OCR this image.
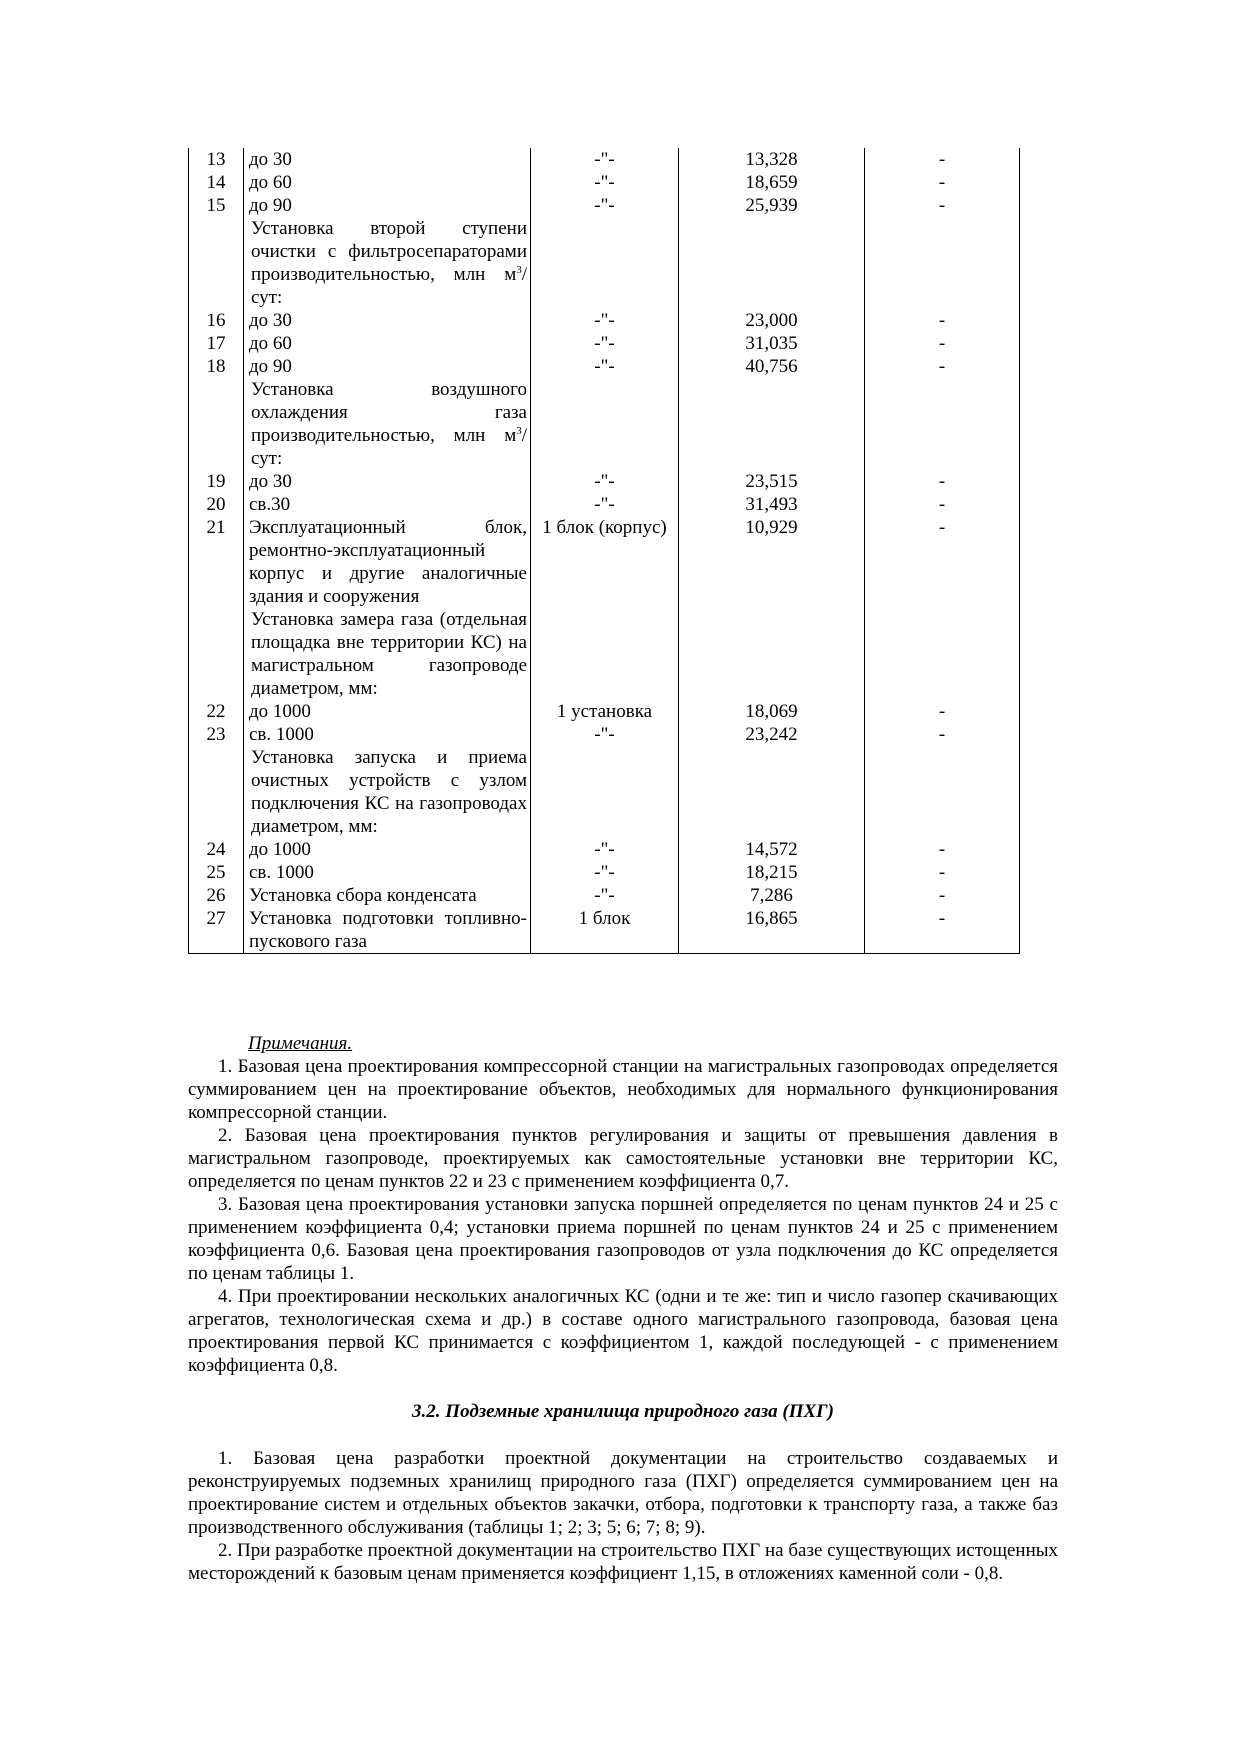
13	до 30	-"-	13,328	-
14	до 60	-"-	18,659	-
15	до 90	-"-	25,939	-
	Установка второй ступени очистки с фильтросепараторами производительностью, млн $м^3$/сут:			
16	до 30	-"-	23,000	-
17	до 60	-"-	31,035	-
18	до 90	-"-	40,756	-
	Установка воздушного охлаждения газа производительностью, млн $м^3$/сут:			
19	до 30	-"-	23,515	-
20	св.30	-"-	31,493	-
21	Эксплуатационный блок, ремонтно-эксплуатационный корпус и другие аналогичные здания и сооружения	1 блок (корпус)	10,929	-
	Установка замера газа (отдельная площадка вне территории КС) на магистральном газопроводе диаметром, мм:			
22	до 1000	1 установка	18,069	-
23	св. 1000	-"-	23,242	-
	Установка запуска и приема очистных устройств с узлом подключения КС на газопроводах диаметром, мм:			
24	до 1000	-"-	14,572	-
25	св. 1000	-"-	18,215	-
26	Установка сбора конденсата	-"-	7,286	-
27	Установка подготовки топливно-пускового газа	1 блок	16,865	-

Примечания.

1. Базовая цена проектирования компрессорной станции на магистральных газопроводах определяется суммированием цен на проектирование объектов, необходимых для нормального функционирования компрессорной станции.

2. Базовая цена проектирования пунктов регулирования и защиты от превышения давления в магистральном газопроводе, проектируемых как самостоятельные установки вне территории КС, определяется по ценам пунктов 22 и 23 с применением коэффициента 0,7.

3. Базовая цена проектирования установки запуска поршней определяется по ценам пунктов 24 и 25 с применением коэффициента 0,4; установки приема поршней по ценам пунктов 24 и 25 с применением коэффициента 0,6. Базовая цена проектирования газопроводов от узла подключения до КС определяется по ценам таблицы 1.

4. При проектировании нескольких аналогичных КС (одни и те же: тип и число газопер скачивающих агрегатов, технологическая схема и др.) в составе одного магистрального газопровода, базовая цена проектирования первой КС принимается с коэффициентом 1, каждой последующей - с применением коэффициента 0,8.

3.2. Подземные хранилища природного газа (ПХГ)

1. Базовая цена разработки проектной документации на строительство создаваемых и реконструируемых подземных хранилищ природного газа (ПХГ) определяется суммированием цен на проектирование систем и отдельных объектов закачки, отбора, подготовки к транспорту газа, а также баз производственного обслуживания (таблицы 1; 2; 3; 5; 6; 7; 8; 9).

2. При разработке проектной документации на строительство ПХГ на базе существующих истощенных месторождений к базовым ценам применяется коэффициент 1,15, в отложениях каменной соли - 0,8.
